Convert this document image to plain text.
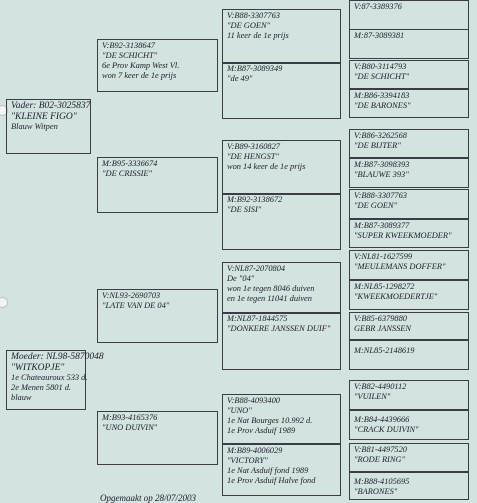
Vader: B02-3025837
"KLEINE FIGO"
Blauw Witpen
Moeder: NL98-5870048
"WITKOPJE"
1e Chateauroux 533 d.
2e Menen 5801 d.
blauw
V:B92-3138647
"DE SCHICHT"
6e Prov Kamp West Vl.
won 7 keer de 1e prijs
M:B95-3336674
"DE CRISSIE"
V:NL93-2690703
"LATE VAN DE 04"
M:B93-4165376
"UNO DUIVIN"
V:B88-3307763
"DE GOEN"
11 keer de 1e prijs
M:B87-3089349
"de 49"
V:B89-3160827
"DE HENGST"
won 14 keer de 1e prijs
M:B92-3138672
"DE SISI"
V:NL87-2070804
De "04"
won 1e tegen 8046 duiven
en 1e tegen 11041 duiven
M:NL87-1844575
"DONKERE JANSSEN DUIF"
V:B88-4093400
"UNO"
1e Nat Bourges 10.992 d.
1e Prov Asduif 1989
M:B89-4006029
"VICTORY"
1e Nat Asduif fond 1989
1e Prov Asduif Halve fond
V:87-3389376
M:87-3089381
V:B80-3114793
"DE SCHICHT"
M:B86-3394183
"DE BARONES"
V:B86-3262568
"DE BIJTER"
M:B87-3098393
"BLAUWE 393"
V:B88-3307763
"DE GOEN"
M:B87-3089377
"SUPER KWEEKMOEDER"
V:NL81-1627599
"MEULEMANS DOFFER"
M:NL85-1298272
"KWEEKMOEDERTJE"
V:B85-6379880
GEBR JANSSEN
M:NL85-2148619
V:B82-4490112
"VUILEN"
M:B84-4439666
"CRACK DUIVIN"
V:B81-4497520
"RODE RING"
M:B88-4105695
"BARONES"
Opgemaakt op 28/07/2003
